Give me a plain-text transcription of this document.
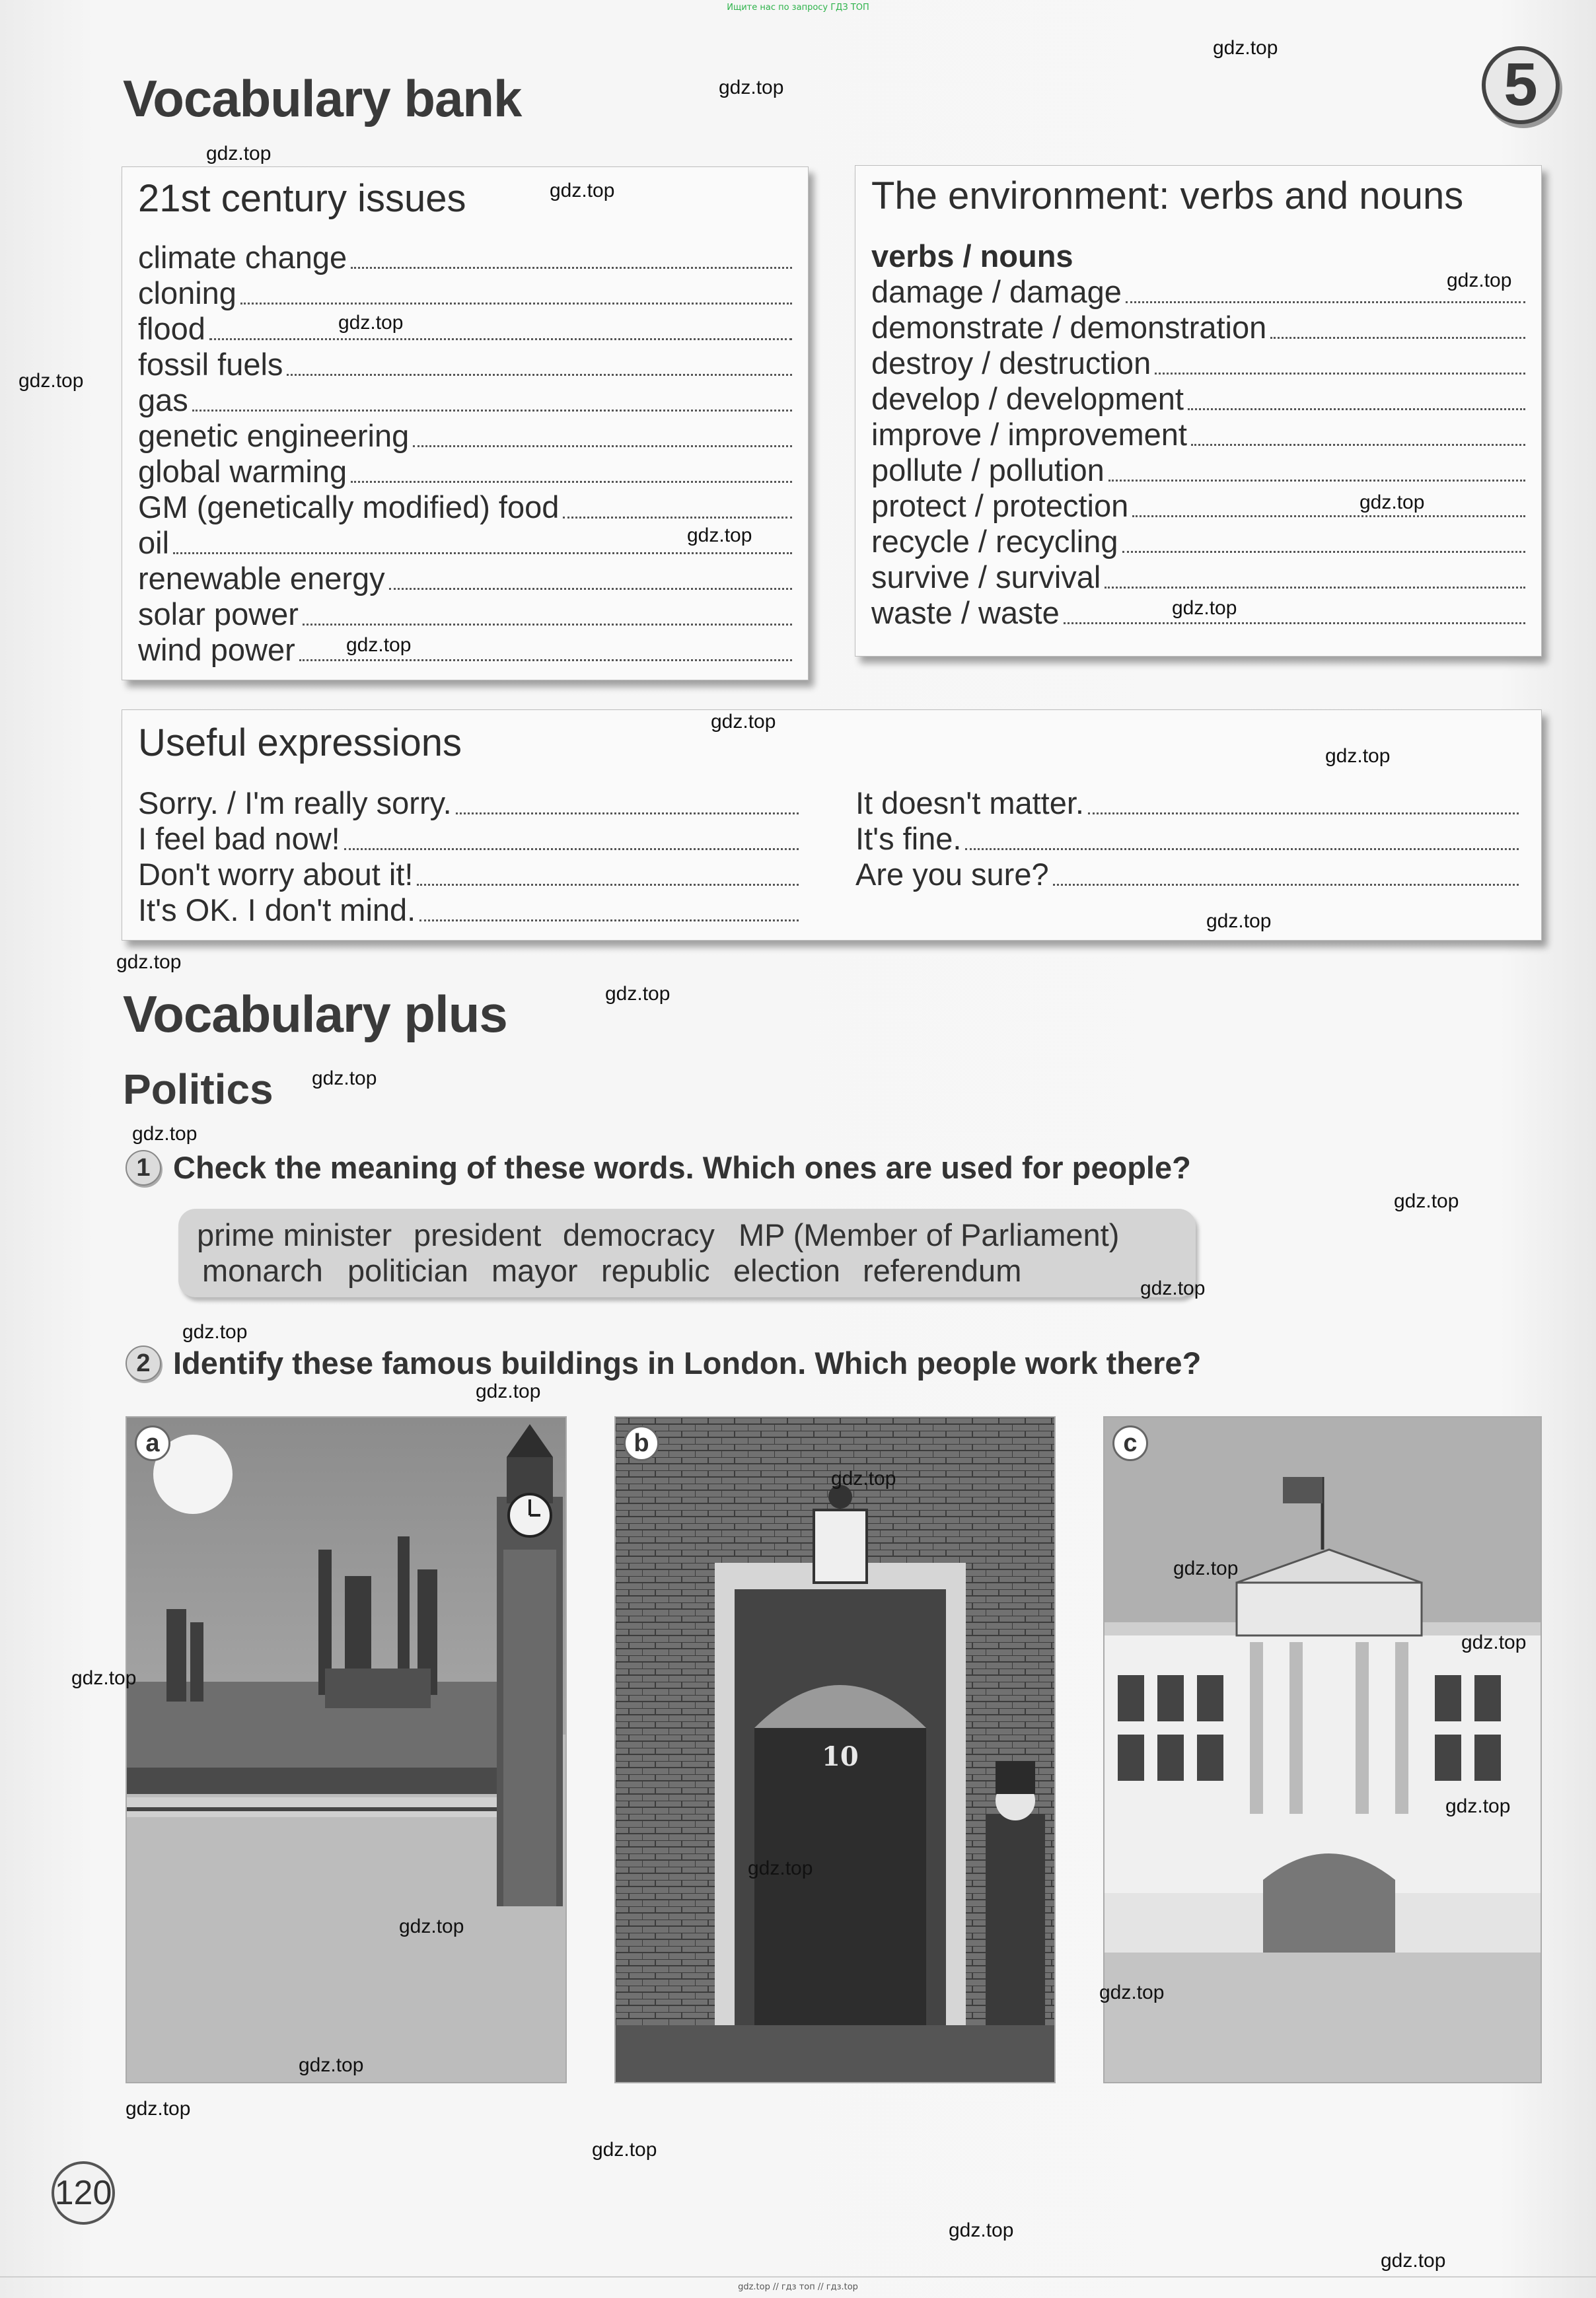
Ищите нас по запросу ГДЗ ТОП
Vocabulary bank	5
21st century issues
climate change
cloning
flood
fossil fuels
gas
genetic engineering
global warming
GM (genetically modified) food
oil
renewable energy
solar power
wind power
The environment: verbs and nouns
verbs / nouns
damage / damage
demonstrate / demonstration
destroy / destruction
develop / development
improve / improvement
pollute / pollution
protect / protection
recycle / recycling
survive / survival
waste / waste
Useful expressions
Sorry. / I'm really sorry.
I feel bad now!
Don't worry about it!
It's OK. I don't mind.
It doesn't matter.
It's fine.
Are you sure?
Vocabulary plus
Politics
1 Check the meaning of these words. Which ones are used for people?
prime minister president democracy MP (Member of Parliament)
monarch politician mayor republic election referendum
2 Identify these famous buildings in London. Which people work there?
a
10
b	c
120
gdz.top
gdz.top
gdz.top
gdz.top
gdz.top
gdz.top
gdz.top
gdz.top
gdz.top
gdz.top
gdz.top
gdz.top
gdz.top
gdz.top
gdz.top
gdz.top
gdz.top
gdz.top
gdz.top
gdz.top
gdz.top
gdz.top
gdz.top
gdz.top
gdz.top
gdz.top
gdz.top
gdz.top
gdz.top
gdz.top
gdz.top
gdz.top
gdz.top
gdz.top
gdz.top
gdz.top // гдз топ // гдз.top
